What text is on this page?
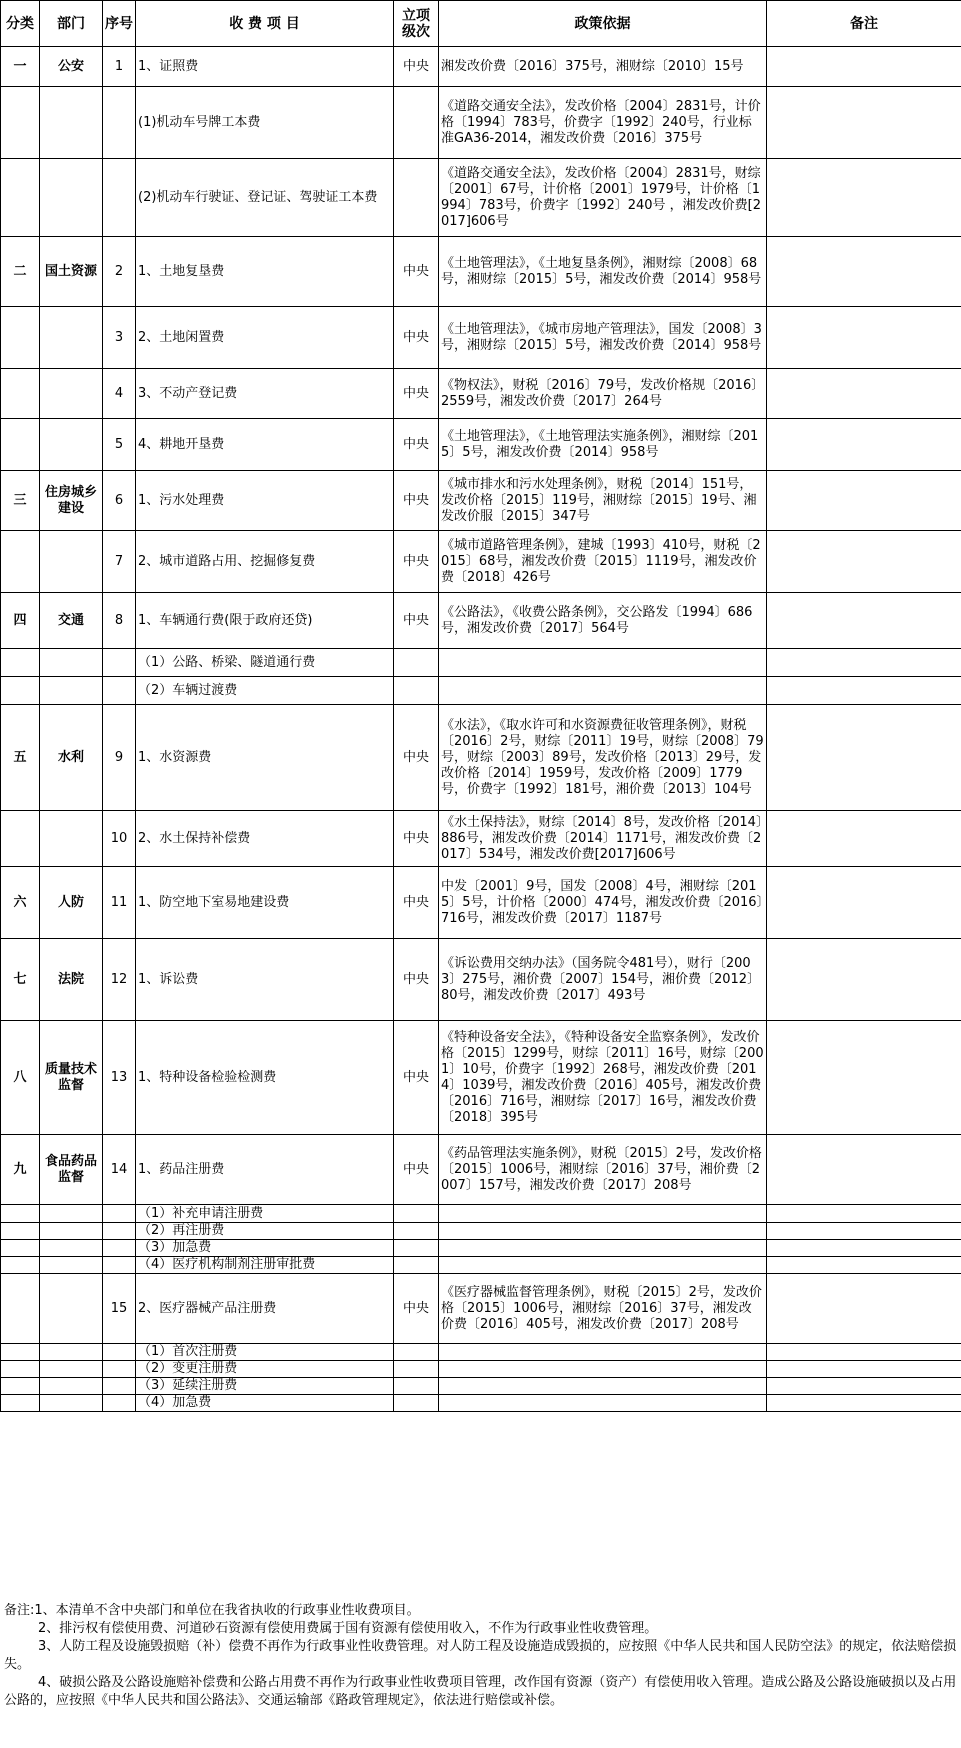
分类	部门	序号	收 费 项 目	立项级次	政策依据	备注
一	公安	1	1、证照费	中央	湘发改价费〔2016〕375号，湘财综〔2010〕15号	
			(1)机动车号牌工本费		《道路交通安全法》，发改价格〔2004〕2831号，计价格〔1994〕783号，价费字〔1992〕240号，行业标准GA36-2014，湘发改价费〔2016〕375号	
			(2)机动车行驶证、登记证、驾驶证工本费		《道路交通安全法》，发改价格〔2004〕2831号，财综〔2001〕67号，计价格〔2001〕1979号，计价格〔1994〕783号，价费字〔1992〕240号 ，湘发改价费[2017]606号	
二	国土资源	2	1、土地复垦费	中央	《土地管理法》，《土地复垦条例》，湘财综〔2008〕68号，湘财综〔2015〕5号，湘发改价费〔2014〕958号	
		3	2、土地闲置费	中央	《土地管理法》，《城市房地产管理法》，国发〔2008〕3号，湘财综〔2015〕5号，湘发改价费〔2014〕958号	
		4	3、不动产登记费	中央	《物权法》，财税〔2016〕79号，发改价格规〔2016〕2559号，湘发改价费〔2017〕264号	
		5	4、耕地开垦费	中央	《土地管理法》，《土地管理法实施条例》，湘财综〔2015〕5号，湘发改价费〔2014〕958号	
三	住房城乡建设	6	1、污水处理费	中央	《城市排水和污水处理条例》，财税〔2014〕151号，发改价格〔2015〕119号，湘财综〔2015〕19号、湘发改价服〔2015〕347号	
		7	2、城市道路占用、挖掘修复费	中央	《城市道路管理条例》，建城〔1993〕410号，财税〔2015〕68号，湘发改价费〔2015〕1119号，湘发改价费〔2018〕426号	
四	交通	8	1、车辆通行费(限于政府还贷)	中央	《公路法》，《收费公路条例》，交公路发〔1994〕686号，湘发改价费〔2017〕564号	
			（1）公路、桥梁、隧道通行费			
			（2）车辆过渡费			
五	水利	9	1、水资源费	中央	《水法》，《取水许可和水资源费征收管理条例》，财税〔2016〕2号，财综〔2011〕19号，财综〔2008〕79号，财综〔2003〕89号，发改价格〔2013〕29号，发改价格〔2014〕1959号，发改价格〔2009〕1779号，价费字〔1992〕181号，湘价费〔2013〕104号	
		10	2、水土保持补偿费	中央	《水土保持法》，财综〔2014〕8号，发改价格〔2014〕886号，湘发改价费〔2014〕1171号，湘发改价费〔2017〕534号，湘发改价费[2017]606号	
六	人防	11	1、防空地下室易地建设费	中央	中发〔2001〕9号，国发〔2008〕4号，湘财综〔2015〕5号，计价格〔2000〕474号，湘发改价费〔2016〕716号，湘发改价费〔2017〕1187号	
七	法院	12	1、诉讼费	中央	《诉讼费用交纳办法》（国务院令481号），财行〔2003〕275号，湘价费〔2007〕154号，湘价费〔2012〕80号，湘发改价费〔2017〕493号	
八	质量技术监督	13	1、特种设备检验检测费	中央	《特种设备安全法》，《特种设备安全监察条例》，发改价格〔2015〕1299号，财综〔2011〕16号，财综〔2001〕10号，价费字〔1992〕268号，湘发改价费〔2014〕1039号，湘发改价费〔2016〕405号，湘发改价费〔2016〕716号，湘财综〔2017〕16号，湘发改价费〔2018〕395号	
九	食品药品监督	14	1、药品注册费	中央	《药品管理法实施条例》，财税〔2015〕2号，发改价格〔2015〕1006号，湘财综〔2016〕37号，湘价费〔2007〕157号，湘发改价费〔2017〕208号	
			（1）补充申请注册费			
			（2）再注册费			
			（3）加急费			
			（4）医疗机构制剂注册审批费			
		15	2、医疗器械产品注册费	中央	《医疗器械监督管理条例》，财税〔2015〕2号，发改价格〔2015〕1006号，湘财综〔2016〕37号，湘发改价费〔2016〕405号，湘发改价费〔2017〕208号	
			（1）首次注册费			
			（2）变更注册费			
			（3）延续注册费			
			（4）加急费			

备注:1、本清单不含中央部门和单位在我省执收的行政事业性收费项目。

2、排污权有偿使用费、河道砂石资源有偿使用费属于国有资源有偿使用收入，不作为行政事业性收费管理。

3、人防工程及设施毁损赔（补）偿费不再作为行政事业性收费管理。对人防工程及设施造成毁损的，应按照《中华人民共和国人民防空法》的规定，依法赔偿损失。

4、破损公路及公路设施赔补偿费和公路占用费不再作为行政事业性收费项目管理，改作国有资源（资产）有偿使用收入管理。造成公路及公路设施破损以及占用公路的，应按照《中华人民共和国公路法》、交通运输部《路政管理规定》，依法进行赔偿或补偿。
